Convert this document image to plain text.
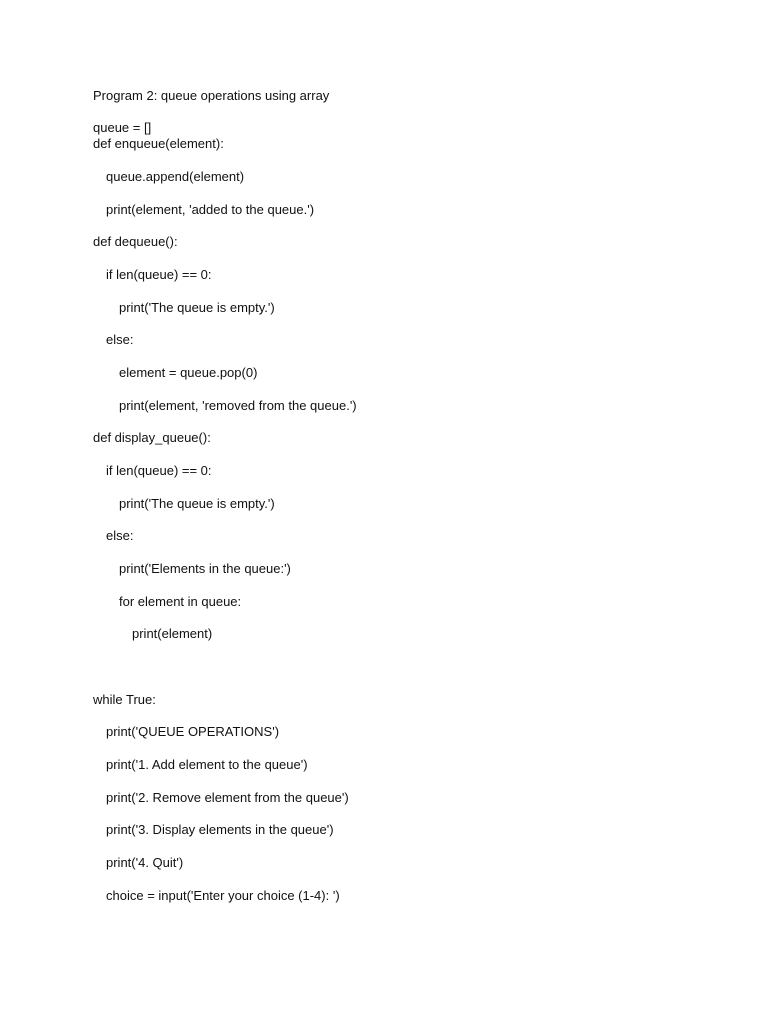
Program 2: queue operations using array
queue = []
def enqueue(element):
queue.append(element)
print(element, 'added to the queue.')
def dequeue():
if len(queue) == 0:
print('The queue is empty.')
else:
element = queue.pop(0)
print(element, 'removed from the queue.')
def display_queue():
if len(queue) == 0:
print('The queue is empty.')
else:
print('Elements in the queue:')
for element in queue:
print(element)
while True:
print('QUEUE OPERATIONS')
print('1. Add element to the queue')
print('2. Remove element from the queue')
print('3. Display elements in the queue')
print('4. Quit')
choice = input('Enter your choice (1-4): ')
